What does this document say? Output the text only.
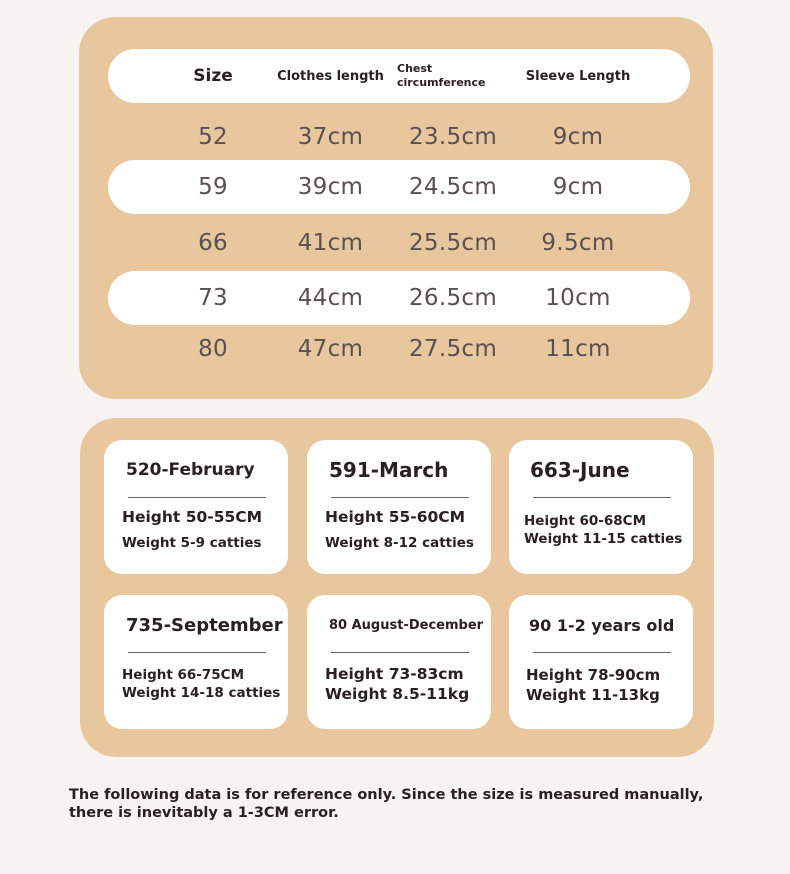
Size	Clothes length	Chest circumference	Sleeve Length
52	37cm	23.5cm	9cm
59	39cm	24.5cm	9cm
66	41cm	25.5cm	9.5cm
73	44cm	26.5cm	10cm
80	47cm	27.5cm	11cm
520-February
Height 50-55CM
Weight 5-9 catties
591-March
Height 55-60CM
Weight 8-12 catties
663-June
Height 60-68CM
Weight 11-15 catties
735-September
Height 66-75CM
Weight 14-18 catties
80 August-December
Height 73-83cm
Weight 8.5-11kg
90 1-2 years old
Height 78-90cm
Weight 11-13kg
The following data is for reference only. Since the size is measured manually, there is inevitably a 1-3CM error.
